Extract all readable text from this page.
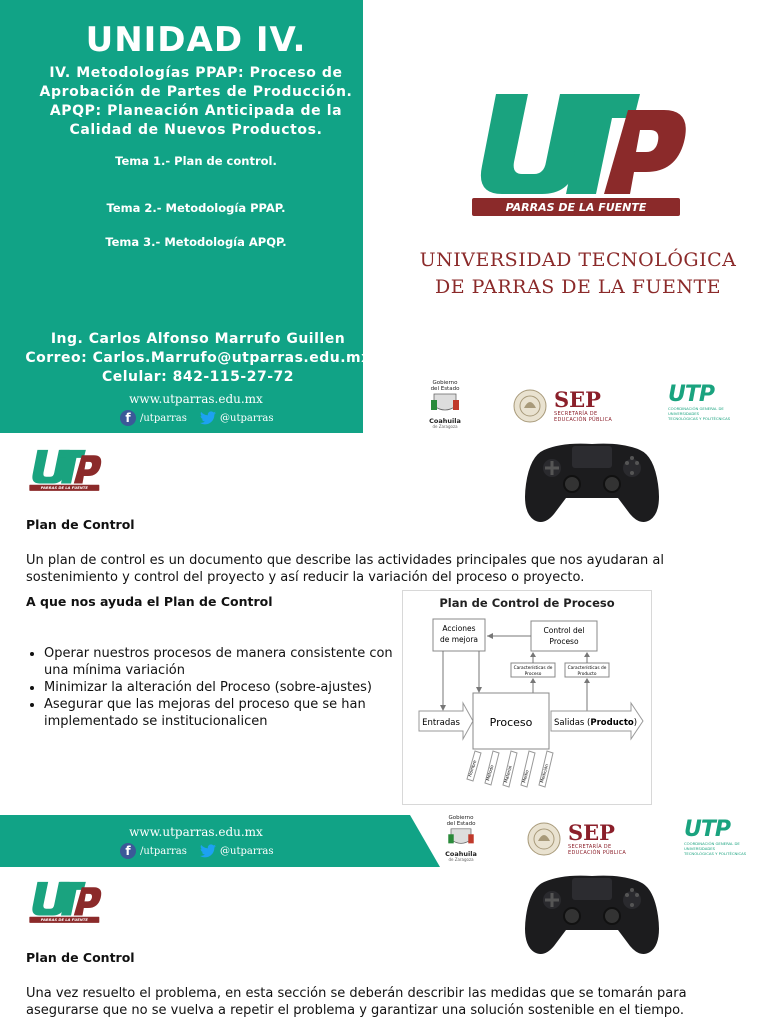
UNIDAD IV.
IV. Metodologías PPAP: Proceso de Aprobación de Partes de Producción. APQP: Planeación Anticipada de la Calidad de Nuevos Productos.
Tema 1.- Plan de control.
Tema 2.- Metodología PPAP.
Tema 3.- Metodología APQP.
Ing. Carlos Alfonso Marrufo Guillen
Correo: Carlos.Marrufo@utparras.edu.mx
Celular: 842-115-27-72
www.utparras.edu.mx
f /utparras	@utparras
PARRAS DE LA FUENTE
UNIVERSIDAD TECNOLÓGICA
DE PARRAS DE LA FUENTE
Gobierno
del Estado
Coahuila
de Zaragoza
SEP
SECRETARÍA DE
EDUCACIÓN PÚBLICA
UTP
COORDINACIÓN GENERAL DE UNIVERSIDADES
TECNOLÓGICAS Y POLITÉCNICAS
PARRAS DE LA FUENTE
Plan de Control
Un plan de control es un documento que describe las actividades principales que nos ayudaran al sostenimiento y control del proyecto y así reducir la variación del proceso o proyecto.
A que nos ayuda el Plan de Control
• Operar nuestros procesos de manera consistente con una mínima variación
• Minimizar la alteración del Proceso (sobre-ajustes)
• Asegurar que las mejoras del proceso que se han implementado se institucionalicen
Plan de Control de Proceso
Acciones
de mejora
Control del
Proceso
Características de
Proceso
Características de
Producto
Entradas	Proceso	Salidas (Producto)
Hombre	Método Material Medio	Medición
www.utparras.edu.mx
f /utparras	@utparras
Gobierno
del Estado
Coahuila
de Zaragoza
SEP
SECRETARÍA DE
EDUCACIÓN PÚBLICA
UTP
COORDINACIÓN GENERAL DE UNIVERSIDADES
TECNOLÓGICAS Y POLITÉCNICAS
PARRAS DE LA FUENTE
Plan de Control
Una vez resuelto el problema, en esta sección se deberán describir las medidas que se tomarán para
asegurarse que no se vuelva a repetir el problema y garantizar una solución sostenible en el tiempo.
